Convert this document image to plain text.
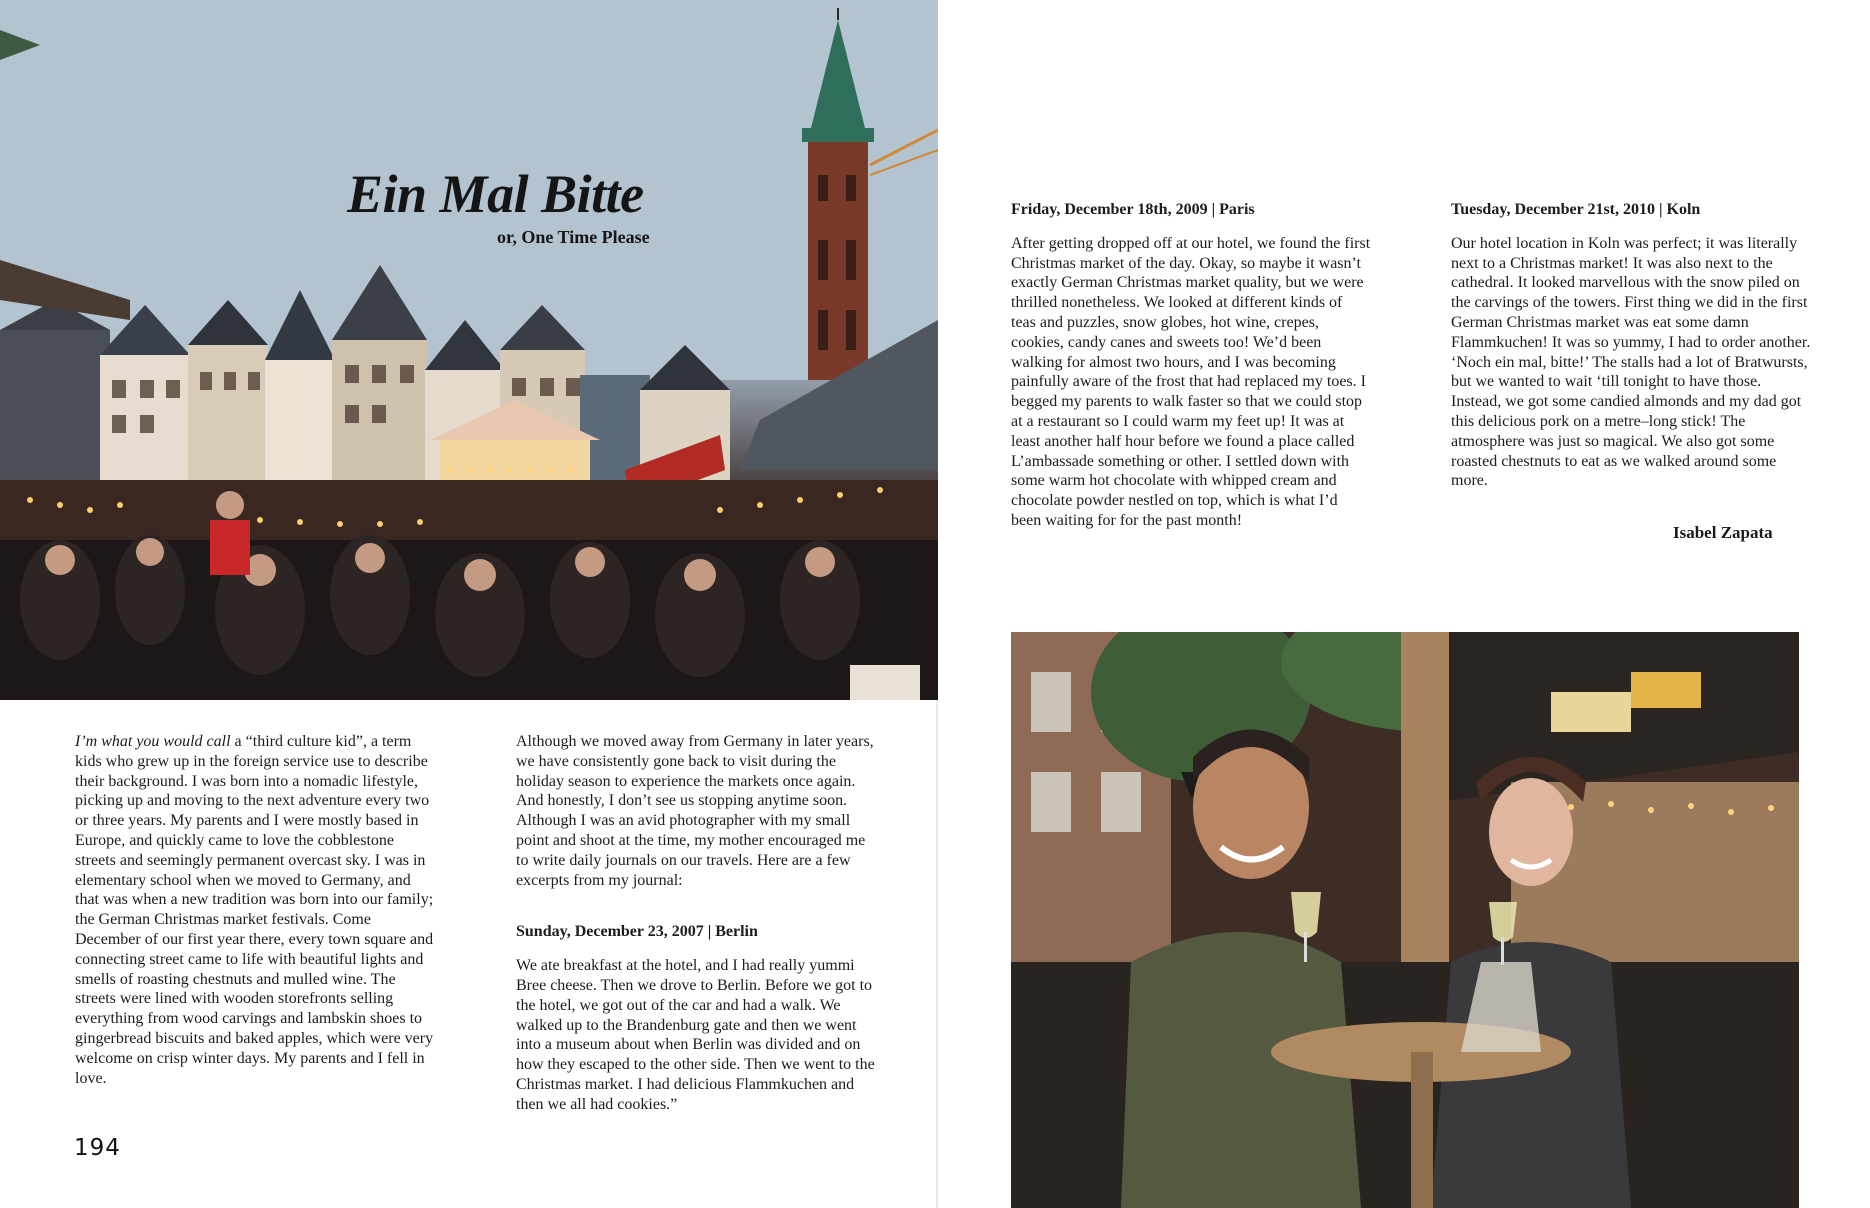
Ein Mal Bitte
or, One Time Please

I’m what you would call a “third culture kid”, a term kids who grew up in the foreign service use to describe their background. I was born into a nomadic lifestyle, picking up and moving to the next adventure every two or three years. My parents and I were mostly based in Europe, and quickly came to love the cobblestone streets and seemingly permanent overcast sky. I was in elementary school when we moved to Germany, and that was when a new tradition was born into our family; the German Christmas market festivals. Come December of our first year there, every town square and connecting street came to life with beautiful lights and smells of roasting chestnuts and mulled wine. The streets were lined with wooden storefronts selling everything from wood carvings and lambskin shoes to gingerbread biscuits and baked apples, which were very welcome on crisp winter days. My parents and I fell in love.

Although we moved away from Germany in later years, we have consistently gone back to visit during the holiday season to experience the markets once again. And honestly, I don’t see us stopping anytime soon. Although I was an avid photographer with my small point and shoot at the time, my mother encouraged me to write daily journals on our travels. Here are a few excerpts from my journal:

Sunday, December 23, 2007 | Berlin

We ate breakfast at the hotel, and I had really yummi Bree cheese. Then we drove to Berlin. Before we got to the hotel, we got out of the car and had a walk. We walked up to the Brandenburg gate and then we went into a museum about when Berlin was divided and on how they escaped to the other side. Then we went to the Christmas market. I had delicious Flammkuchen and then we all had cookies.”

194
Friday, December 18th, 2009 | Paris

After getting dropped off at our hotel, we found the first Christmas market of the day. Okay, so maybe it wasn’t exactly German Christmas market quality, but we were thrilled nonetheless. We looked at different kinds of teas and puzzles, snow globes, hot wine, crepes, cookies, candy canes and sweets too! We’d been walking for almost two hours, and I was becoming painfully aware of the frost that had replaced my toes. I begged my parents to walk faster so that we could stop at a restaurant so I could warm my feet up! It was at least another half hour before we found a place called L’ambassade something or other. I settled down with some warm hot chocolate with whipped cream and chocolate powder nestled on top, which is what I’d been waiting for for the past month!

Tuesday, December 21st, 2010 | Koln

Our hotel location in Koln was perfect; it was literally next to a Christmas market! It was also next to the cathedral. It looked marvellous with the snow piled on the carvings of the towers. First thing we did in the first German Christmas market was eat some damn Flammkuchen! It was so yummy, I had to order another. ‘Noch ein mal, bitte!’ The stalls had a lot of Bratwursts, but we wanted to wait ‘till tonight to have those. Instead, we got some candied almonds and my dad got this delicious pork on a metre–long stick! The atmosphere was just so magical. We also got some roasted chestnuts to eat as we walked around some more.

Isabel Zapata
